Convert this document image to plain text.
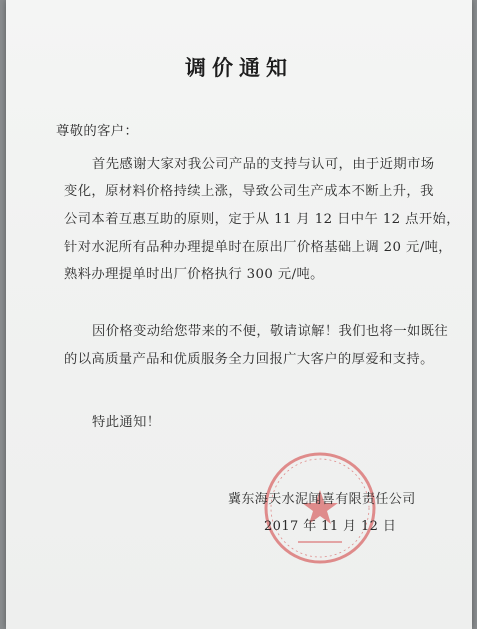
调价通知
尊敬的客户：
首先感谢大家对我公司产品的支持与认可，由于近期市场
变化，原材料价格持续上涨，导致公司生产成本不断上升，我
公司本着互惠互助的原则，定于从 11 月 12 日中午 12 点开始，
针对水泥所有品种办理提单时在原出厂价格基础上调 20 元/吨，
熟料办理提单时出厂价格执行 300 元/吨。
因价格变动给您带来的不便，敬请谅解！我们也将一如既往
的以高质量产品和优质服务全力回报广大客户的厚爱和支持。
特此通知！
冀东海天水泥闻喜有限责任公司
2017 年 11 月 12 日
